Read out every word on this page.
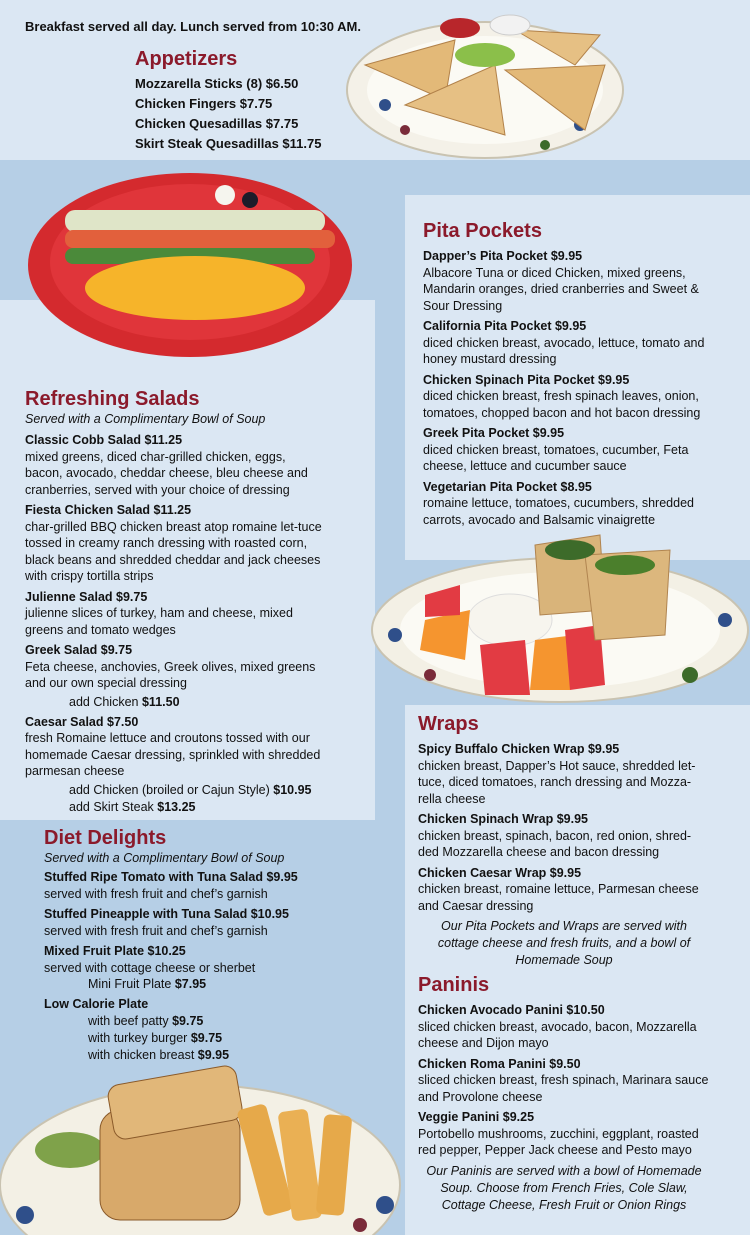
Breakfast served all day. Lunch served from 10:30 AM.
Appetizers
Mozzarella Sticks (8) $6.50
Chicken Fingers $7.75
Chicken Quesadillas $7.75
Skirt Steak Quesadillas $11.75
Refreshing Salads
Served with a Complimentary Bowl of Soup
Classic Cobb Salad $11.25
mixed greens, diced char-grilled chicken, eggs, bacon, avocado, cheddar cheese, bleu cheese and cranberries, served with your choice of dressing
Fiesta Chicken Salad $11.25
char-grilled BBQ chicken breast atop romaine let-tuce tossed in creamy ranch dressing with roasted corn, black beans and shredded cheddar and jack cheeses with crispy tortilla strips
Julienne Salad $9.75
julienne slices of turkey, ham and cheese, mixed greens and tomato wedges
Greek Salad $9.75
Feta cheese, anchovies, Greek olives, mixed greens and our own special dressing
add Chicken $11.50
Caesar Salad $7.50
fresh Romaine lettuce and croutons tossed with our homemade Caesar dressing, sprinkled with shredded parmesan cheese
add Chicken (broiled or Cajun Style) $10.95
add Skirt Steak $13.25
Diet Delights
Served with a Complimentary Bowl of Soup
Stuffed Ripe Tomato with Tuna Salad $9.95
served with fresh fruit and chef’s garnish
Stuffed Pineapple with Tuna Salad $10.95
served with fresh fruit and chef’s garnish
Mixed Fruit Plate $10.25
served with cottage cheese or sherbet
Mini Fruit Plate $7.95
Low Calorie Plate
with beef patty $9.75
with turkey burger $9.75
with chicken breast $9.95
Pita Pockets
Dapper’s Pita Pocket $9.95
Albacore Tuna or diced Chicken, mixed greens, Mandarin oranges, dried cranberries and Sweet & Sour Dressing
California Pita Pocket $9.95
diced chicken breast, avocado, lettuce, tomato and honey mustard dressing
Chicken Spinach Pita Pocket $9.95
diced chicken breast, fresh spinach leaves, onion, tomatoes, chopped bacon and hot bacon dressing
Greek Pita Pocket $9.95
diced chicken breast, tomatoes, cucumber, Feta cheese, lettuce and cucumber sauce
Vegetarian Pita Pocket $8.95
romaine lettuce, tomatoes, cucumbers, shredded carrots, avocado and Balsamic vinaigrette
Wraps
Spicy Buffalo Chicken Wrap $9.95
chicken breast, Dapper’s Hot sauce, shredded let-tuce, diced tomatoes, ranch dressing and Mozza-rella cheese
Chicken Spinach Wrap $9.95
chicken breast, spinach, bacon, red onion, shred-ded Mozzarella cheese and bacon dressing
Chicken Caesar Wrap $9.95
chicken breast, romaine lettuce, Parmesan cheese and Caesar dressing
Our Pita Pockets and Wraps are served with cottage cheese and fresh fruits, and a bowl of Homemade Soup
Paninis
Chicken Avocado Panini $10.50
sliced chicken breast, avocado, bacon, Mozzarella cheese and Dijon mayo
Chicken Roma Panini $9.50
sliced chicken breast, fresh spinach, Marinara sauce and Provolone cheese
Veggie Panini $9.25
Portobello mushrooms, zucchini, eggplant, roasted red pepper, Pepper Jack cheese and Pesto mayo
Our Paninis are served with a bowl of Homemade Soup. Choose from French Fries, Cole Slaw, Cottage Cheese, Fresh Fruit or Onion Rings
